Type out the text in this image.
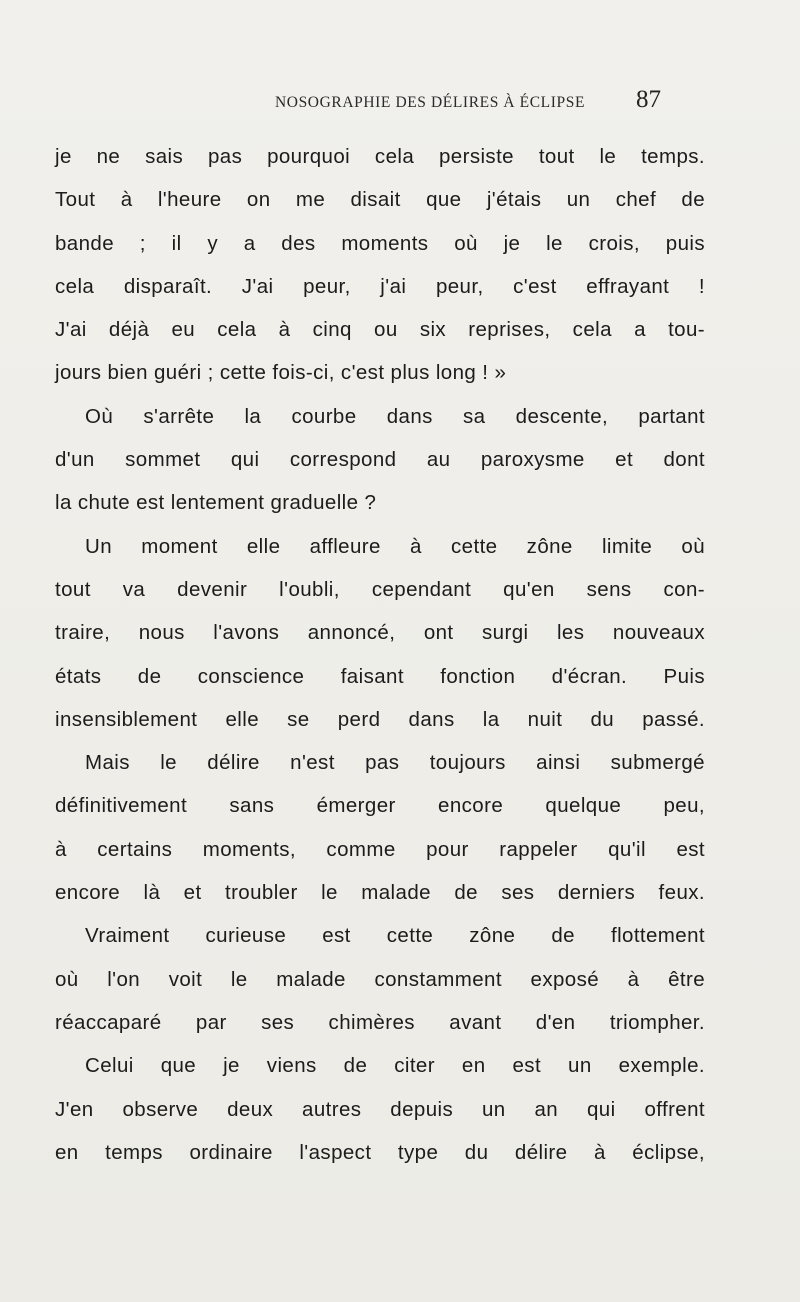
NOSOGRAPHIE DES DÉLIRES À ÉCLIPSE 87
je ne sais pas pourquoi cela persiste tout le temps.
Tout à l'heure on me disait que j'étais un chef de
bande ; il y a des moments où je le crois, puis
cela disparaît. J'ai peur, j'ai peur, c'est effrayant !
J'ai déjà eu cela à cinq ou six reprises, cela a tou-
jours bien guéri ; cette fois-ci, c'est plus long ! »
Où s'arrête la courbe dans sa descente, partant
d'un sommet qui correspond au paroxysme et dont
la chute est lentement graduelle ?
Un moment elle affleure à cette zône limite où
tout va devenir l'oubli, cependant qu'en sens con-
traire, nous l'avons annoncé, ont surgi les nouveaux
états de conscience faisant fonction d'écran. Puis
insensiblement elle se perd dans la nuit du passé.
Mais le délire n'est pas toujours ainsi submergé
définitivement sans émerger encore quelque peu,
à certains moments, comme pour rappeler qu'il est
encore là et troubler le malade de ses derniers feux.
Vraiment curieuse est cette zône de flottement
où l'on voit le malade constamment exposé à être
réaccaparé par ses chimères avant d'en triompher.
Celui que je viens de citer en est un exemple.
J'en observe deux autres depuis un an qui offrent
en temps ordinaire l'aspect type du délire à éclipse,
